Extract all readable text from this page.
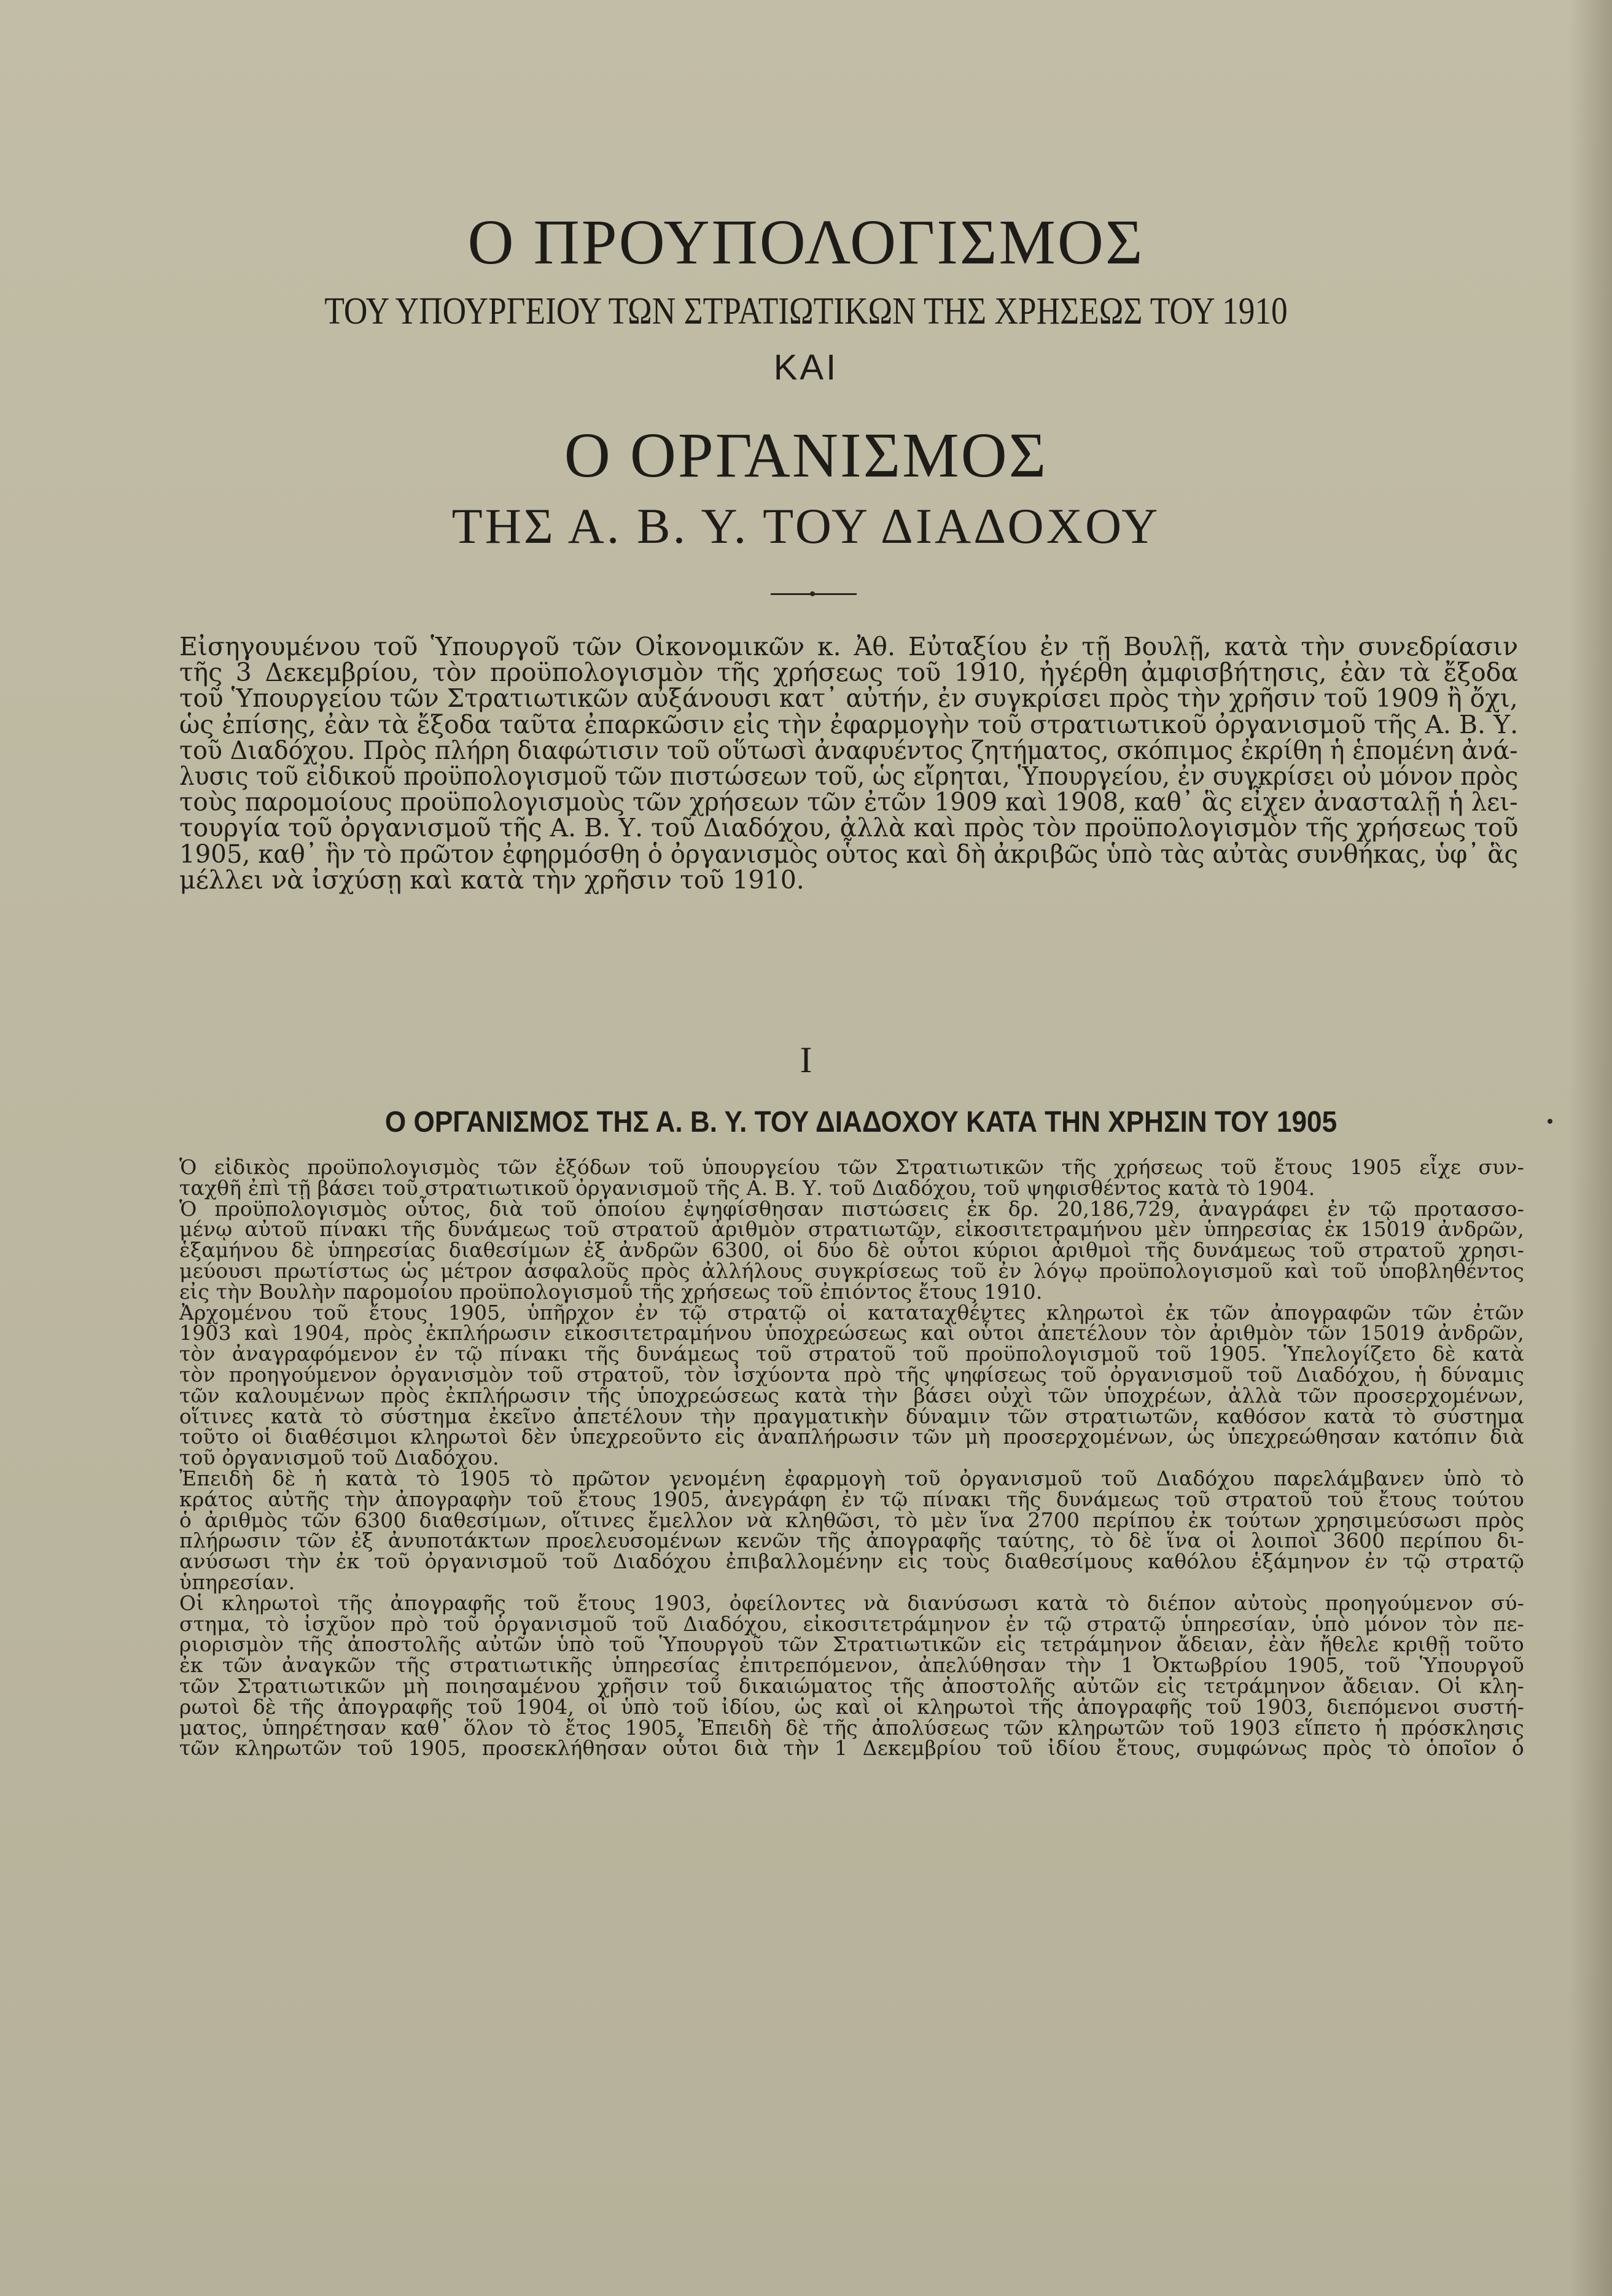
Ο ΠΡΟΥΠΟΛΟΓΙΣΜΟΣ
ΤΟΥ ΥΠΟΥΡΓΕΙΟΥ ΤΩΝ ΣΤΡΑΤΙΩΤΙΚΩΝ ΤΗΣ ΧΡΗΣΕΩΣ ΤΟΥ 1910
ΚΑΙ
Ο ΟΡΓΑΝΙΣΜΟΣ
ΤΗΣ Α. Β. Υ. ΤΟΥ ΔΙΑΔΟΧΟΥ
Εἰσηγουμένου τοῦ Ὑπουργοῦ τῶν Οἰκονομικῶν κ. Ἀθ. Εὐταξίου ἐν τῇ Βουλῇ, κατὰ τὴν συνεδρίασιν
τῆς 3 Δεκεμβρίου, τὸν προϋπολογισμὸν τῆς χρήσεως τοῦ 1910, ἠγέρθη ἀμφισβήτησις, ἐὰν τὰ ἔξοδα
τοῦ Ὑπουργείου τῶν Στρατιωτικῶν αὐξάνουσι κατ᾽ αὐτήν, ἐν συγκρίσει πρὸς τὴν χρῆσιν τοῦ 1909 ἢ ὄχι,
ὡς ἐπίσης, ἐὰν τὰ ἔξοδα ταῦτα ἐπαρκῶσιν εἰς τὴν ἐφαρμογὴν τοῦ στρατιωτικοῦ ὀργανισμοῦ τῆς Α. Β. Υ.
τοῦ Διαδόχου. Πρὸς πλήρη διαφώτισιν τοῦ οὕτωσὶ ἀναφυέντος ζητήματος, σκόπιμος ἐκρίθη ἡ ἑπομένη ἀνά-
λυσις τοῦ εἰδικοῦ προϋπολογισμοῦ τῶν πιστώσεων τοῦ, ὡς εἴρηται, Ὑπουργείου, ἐν συγκρίσει οὐ μόνον πρὸς
τοὺς παρομοίους προϋπολογισμοὺς τῶν χρήσεων τῶν ἐτῶν 1909 καὶ 1908, καθ᾽ ἃς εἶχεν ἀνασταλῇ ἡ λει-
τουργία τοῦ ὀργανισμοῦ τῆς Α. Β. Υ. τοῦ Διαδόχου, ἀλλὰ καὶ πρὸς τὸν προϋπολογισμὸν τῆς χρήσεως τοῦ
1905, καθ᾽ ἣν τὸ πρῶτον ἐφηρμόσθη ὁ ὀργανισμὸς οὗτος καὶ δὴ ἀκριβῶς ὑπὸ τὰς αὐτὰς συνθήκας, ὑφ᾽ ἃς
μέλλει νὰ ἰσχύσῃ καὶ κατὰ τὴν χρῆσιν τοῦ 1910.
Ι
Ο ΟΡΓΑΝΙΣΜΟΣ ΤΗΣ Α. Β. Υ. ΤΟΥ ΔΙΑΔΟΧΟΥ ΚΑΤΑ ΤΗΝ ΧΡΗΣΙΝ ΤΟΥ 1905
Ὁ εἰδικὸς προϋπολογισμὸς τῶν ἐξόδων τοῦ ὑπουργείου τῶν Στρατιωτικῶν τῆς χρήσεως τοῦ ἔτους 1905 εἶχε συν-
ταχθῆ ἐπὶ τῇ βάσει τοῦ στρατιωτικοῦ ὀργανισμοῦ τῆς Α. Β. Υ. τοῦ Διαδόχου, τοῦ ψηφισθέντος κατὰ τὸ 1904.
Ὁ προϋπολογισμὸς οὗτος, διὰ τοῦ ὁποίου ἐψηφίσθησαν πιστώσεις ἐκ δρ. 20,186,729, ἀναγράφει ἐν τῷ προτασσο-
μένῳ αὐτοῦ πίνακι τῆς δυνάμεως τοῦ στρατοῦ ἀριθμὸν στρατιωτῶν, εἰκοσιτετραμήνου μὲν ὑπηρεσίας ἐκ 15019 ἀνδρῶν,
ἑξαμήνου δὲ ὑπηρεσίας διαθεσίμων ἐξ ἀνδρῶν 6300, οἱ δύο δὲ οὗτοι κύριοι ἀριθμοὶ τῆς δυνάμεως τοῦ στρατοῦ χρησι-
μεύουσι πρωτίστως ὡς μέτρον ἀσφαλοῦς πρὸς ἀλλήλους συγκρίσεως τοῦ ἐν λόγῳ προϋπολογισμοῦ καὶ τοῦ ὑποβληθέντος
εἰς τὴν Βουλὴν παρομοίου προϋπολογισμοῦ τῆς χρήσεως τοῦ ἐπιόντος ἔτους 1910.
Ἀρχομένου τοῦ ἔτους 1905, ὑπῆρχον ἐν τῷ στρατῷ οἱ καταταχθέντες κληρωτοὶ ἐκ τῶν ἀπογραφῶν τῶν ἐτῶν
1903 καὶ 1904, πρὸς ἐκπλήρωσιν εἰκοσιτετραμήνου ὑποχρεώσεως καὶ οὗτοι ἀπετέλουν τὸν ἀριθμὸν τῶν 15019 ἀνδρῶν,
τὸν ἀναγραφόμενον ἐν τῷ πίνακι τῆς δυνάμεως τοῦ στρατοῦ τοῦ προϋπολογισμοῦ τοῦ 1905. Ὑπελογίζετο δὲ κατὰ
τὸν προηγούμενον ὀργανισμὸν τοῦ στρατοῦ, τὸν ἰσχύοντα πρὸ τῆς ψηφίσεως τοῦ ὀργανισμοῦ τοῦ Διαδόχου, ἡ δύναμις
τῶν καλουμένων πρὸς ἐκπλήρωσιν τῆς ὑποχρεώσεως κατὰ τὴν βάσει οὐχὶ τῶν ὑποχρέων, ἀλλὰ τῶν προσερχομένων,
οἵτινες κατὰ τὸ σύστημα ἐκεῖνο ἀπετέλουν τὴν πραγματικὴν δύναμιν τῶν στρατιωτῶν, καθόσον κατὰ τὸ σύστημα
τοῦτο οἱ διαθέσιμοι κληρωτοὶ δὲν ὑπεχρεοῦντο εἰς ἀναπλήρωσιν τῶν μὴ προσερχομένων, ὡς ὑπεχρεώθησαν κατόπιν διὰ
τοῦ ὀργανισμοῦ τοῦ Διαδόχου.
Ἐπειδὴ δὲ ἡ κατὰ τὸ 1905 τὸ πρῶτον γενομένη ἐφαρμογὴ τοῦ ὀργανισμοῦ τοῦ Διαδόχου παρελάμβανεν ὑπὸ τὸ
κράτος αὐτῆς τὴν ἀπογραφὴν τοῦ ἔτους 1905, ἀνεγράφη ἐν τῷ πίνακι τῆς δυνάμεως τοῦ στρατοῦ τοῦ ἔτους τούτου
ὁ ἀριθμὸς τῶν 6300 διαθεσίμων, οἵτινες ἔμελλον νὰ κληθῶσι, τὸ μὲν ἵνα 2700 περίπου ἐκ τούτων χρησιμεύσωσι πρὸς
πλήρωσιν τῶν ἐξ ἀνυποτάκτων προελευσομένων κενῶν τῆς ἀπογραφῆς ταύτης, τὸ δὲ ἵνα οἱ λοιποὶ 3600 περίπου δι-
ανύσωσι τὴν ἐκ τοῦ ὀργανισμοῦ τοῦ Διαδόχου ἐπιβαλλομένην εἰς τοὺς διαθεσίμους καθόλου ἑξάμηνον ἐν τῷ στρατῷ
ὑπηρεσίαν.
Οἱ κληρωτοὶ τῆς ἀπογραφῆς τοῦ ἔτους 1903, ὀφείλοντες νὰ διανύσωσι κατὰ τὸ διέπον αὐτοὺς προηγούμενον σύ-
στημα, τὸ ἰσχῦον πρὸ τοῦ ὀργανισμοῦ τοῦ Διαδόχου, εἰκοσιτετράμηνον ἐν τῷ στρατῷ ὑπηρεσίαν, ὑπὸ μόνον τὸν πε-
ριορισμὸν τῆς ἀποστολῆς αὐτῶν ὑπὸ τοῦ Ὑπουργοῦ τῶν Στρατιωτικῶν εἰς τετράμηνον ἄδειαν, ἐὰν ἤθελε κριθῇ τοῦτο
ἐκ τῶν ἀναγκῶν τῆς στρατιωτικῆς ὑπηρεσίας ἐπιτρεπόμενον, ἀπελύθησαν τὴν 1 Ὀκτωβρίου 1905, τοῦ Ὑπουργοῦ
τῶν Στρατιωτικῶν μὴ ποιησαμένου χρῆσιν τοῦ δικαιώματος τῆς ἀποστολῆς αὐτῶν εἰς τετράμηνον ἄδειαν. Οἱ κλη-
ρωτοὶ δὲ τῆς ἀπογραφῆς τοῦ 1904, οἱ ὑπὸ τοῦ ἰδίου, ὡς καὶ οἱ κληρωτοὶ τῆς ἀπογραφῆς τοῦ 1903, διεπόμενοι συστή-
ματος, ὑπηρέτησαν καθ᾽ ὅλον τὸ ἔτος 1905. Ἐπειδὴ δὲ τῆς ἀπολύσεως τῶν κληρωτῶν τοῦ 1903 εἵπετο ἡ πρόσκλησις
τῶν κληρωτῶν τοῦ 1905, προσεκλήθησαν οὗτοι διὰ τὴν 1 Δεκεμβρίου τοῦ ἰδίου ἔτους, συμφώνως πρὸς τὸ ὁποῖον ὁ
